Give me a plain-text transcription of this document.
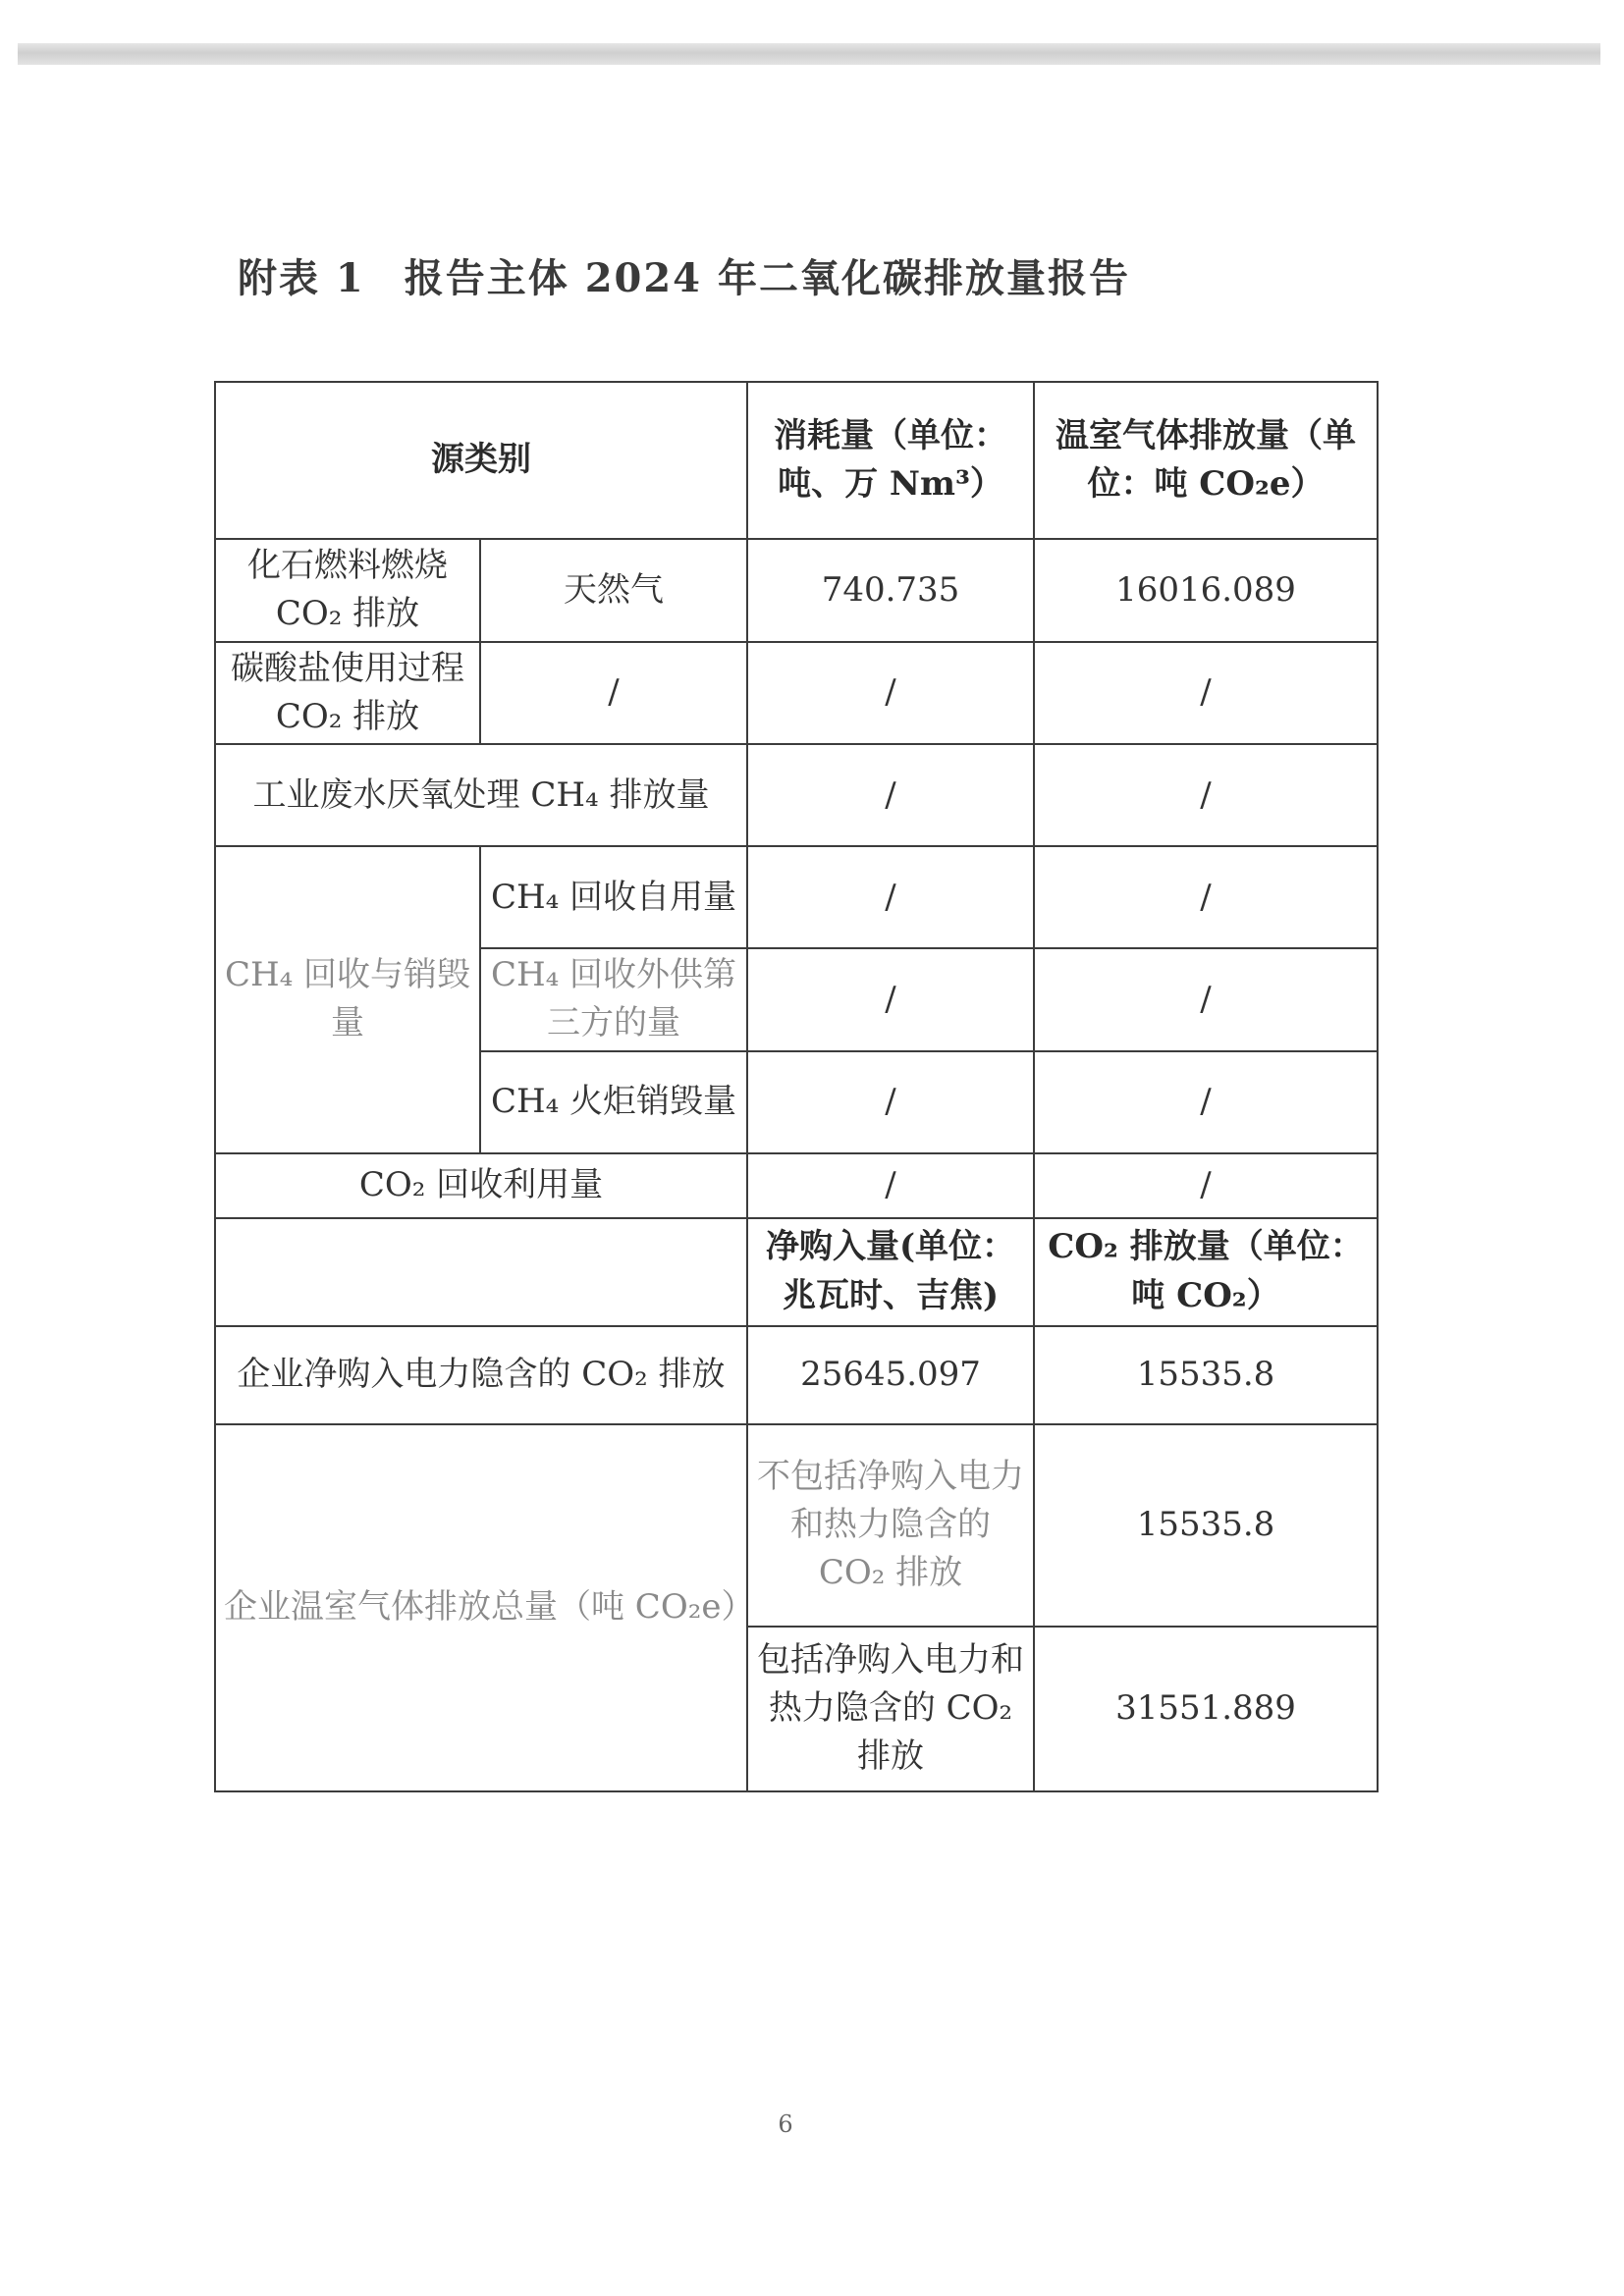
附表 1 报告主体 2024 年二氧化碳排放量报告
源类别		消耗量（单位：吨、万 Nm³）	温室气体排放量（单位：吨 CO₂e）
化石燃料燃烧 CO₂ 排放	天然气	740.735	16016.089
碳酸盐使用过程 CO₂ 排放	/	/	/
工业废水厌氧处理 CH₄ 排放量		/	/
CH₄ 回收与销毁量	CH₄ 回收自用量	/	/
	CH₄ 回收外供第三方的量	/	/
	CH₄ 火炬销毁量	/	/
CO₂ 回收利用量		/	/
		净购入量(单位：兆瓦时、吉焦)	CO₂ 排放量（单位：吨 CO₂）
企业净购入电力隐含的 CO₂ 排放		25645.097	15535.8
企业温室气体排放总量（吨 CO₂e）		不包括净购入电力和热力隐含的 CO₂ 排放	15535.8
		包括净购入电力和热力隐含的 CO₂ 排放	31551.889
6
